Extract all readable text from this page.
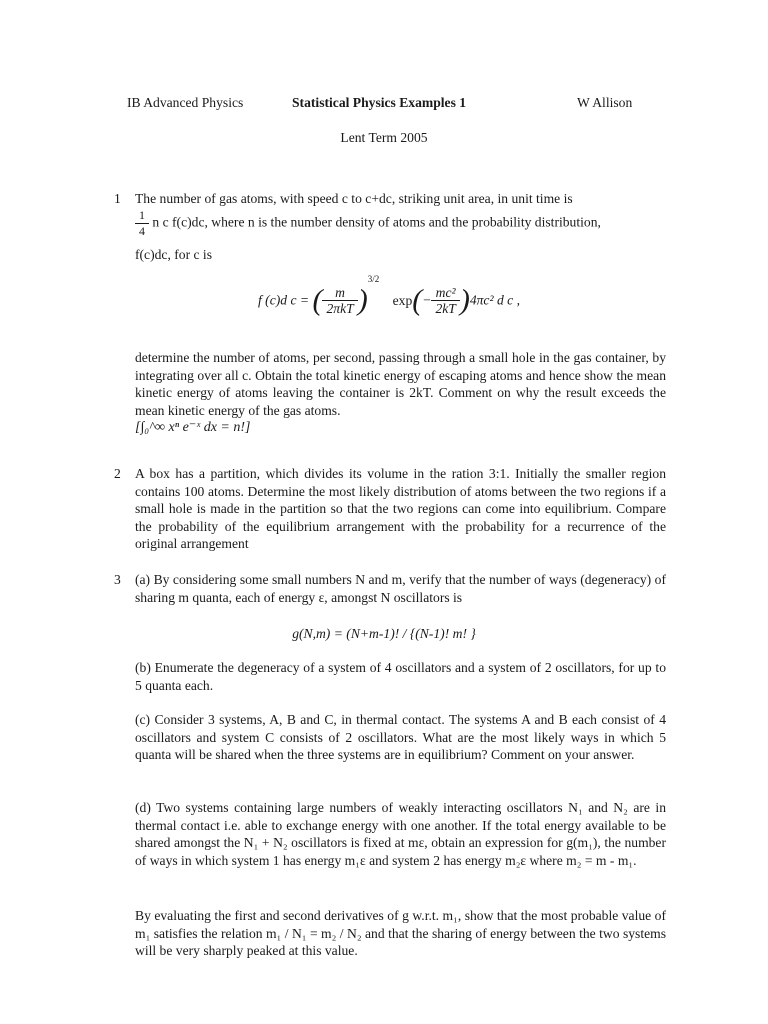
IB Advanced Physics	Statistical Physics Examples 1	W Allison
Lent Term 2005
1 The number of gas atoms, with speed c to c+dc, striking unit area, in unit time is
$\frac{1}{4}$ n c f(c)dc, where n is the number density of atoms and the probability distribution,
f(c)dc, for c is
f (c)d c = ( $\frac{m}{\text{2πkT}} )^{3/2}$ $\exp(- \frac{\text{mc²}}{2kT} )4\pi c^2$ d c ,
determine the number of atoms, per second, passing through a small hole in the gas container, by integrating over all c. Obtain the total kinetic energy of escaping atoms and hence show the mean kinetic energy of atoms leaving the container is 2kT. Comment on why the result exceeds the mean kinetic energy of the gas atoms.
[∫₀^∞ xⁿ e⁻ˣ dx = n!]
2 A box has a partition, which divides its volume in the ration 3:1. Initially the smaller region contains 100 atoms. Determine the most likely distribution of atoms between the two regions if a small hole is made in the partition so that the two regions can come into equilibrium. Compare the probability of the equilibrium arrangement with the probability for a recurrence of the original arrangement
3 (a) By considering some small numbers N and m, verify that the number of ways (degeneracy) of sharing m quanta, each of energy ε, amongst N oscillators is
g(N,m) = (N+m-1)! / {(N-1)! m! }
(b) Enumerate the degeneracy of a system of 4 oscillators and a system of 2 oscillators, for up to 5 quanta each.
(c) Consider 3 systems, A, B and C, in thermal contact. The systems A and B each consist of 4 oscillators and system C consists of 2 oscillators. What are the most likely ways in which 5 quanta will be shared when the three systems are in equilibrium? Comment on your answer.
(d) Two systems containing large numbers of weakly interacting oscillators N₁ and N₂ are in thermal contact i.e. able to exchange energy with one another. If the total energy available to be shared amongst the N₁ + N₂ oscillators is fixed at mε, obtain an expression for g(m₁), the number of ways in which system 1 has energy m₁ε and system 2 has energy m₂ε where m₂ = m - m₁.
By evaluating the first and second derivatives of g w.r.t. m₁, show that the most probable value of m₁ satisfies the relation m₁ / N₁ = m₂ / N₂ and that the sharing of energy between the two systems will be very sharply peaked at this value.
